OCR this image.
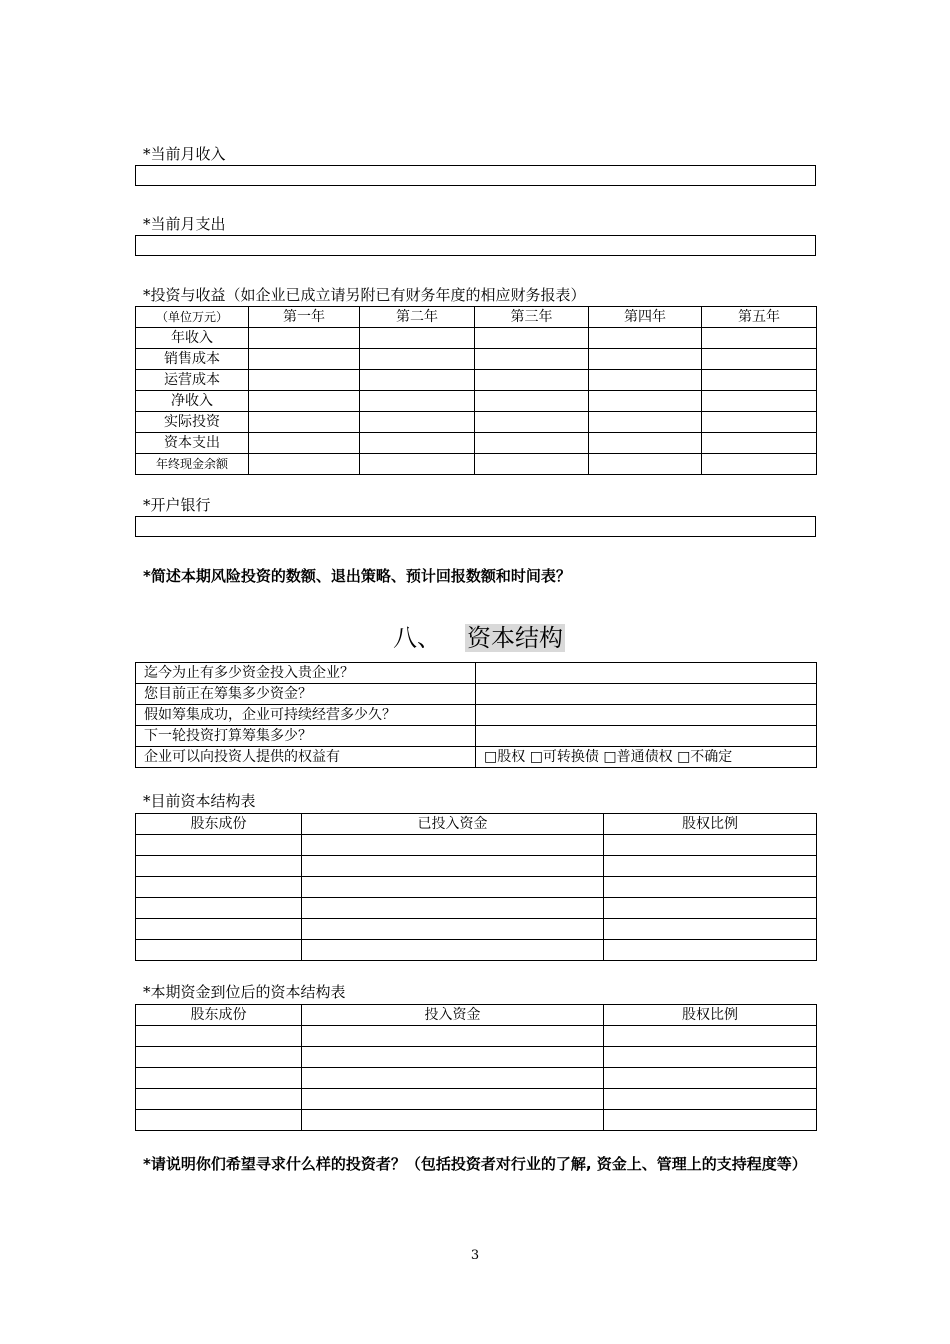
*当前月收入
*当前月支出
*投资与收益（如企业已成立请另附已有财务年度的相应财务报表）
（单位万元）	第一年	第二年	第三年	第四年	第五年
年收入					
销售成本					
运营成本					
净收入					
实际投资					
资本支出					
年终现金余额					
*开户银行
*简述本期风险投资的数额、退出策略、预计回报数额和时间表？
八、 资本结构
迄今为止有多少资金投入贵企业？	
您目前正在筹集多少资金？	
假如筹集成功，企业可持续经营多少久？	
下一轮投资打算筹集多少？	
企业可以向投资人提供的权益有	□股权 □可转换债 □普通债权 □不确定
*目前资本结构表
股东成份	已投入资金	股权比例

*本期资金到位后的资本结构表
股东成份	投入资金	股权比例

*请说明你们希望寻求什么样的投资者？（包括投资者对行业的了解, 资金上、管理上的支持程度等）
3
